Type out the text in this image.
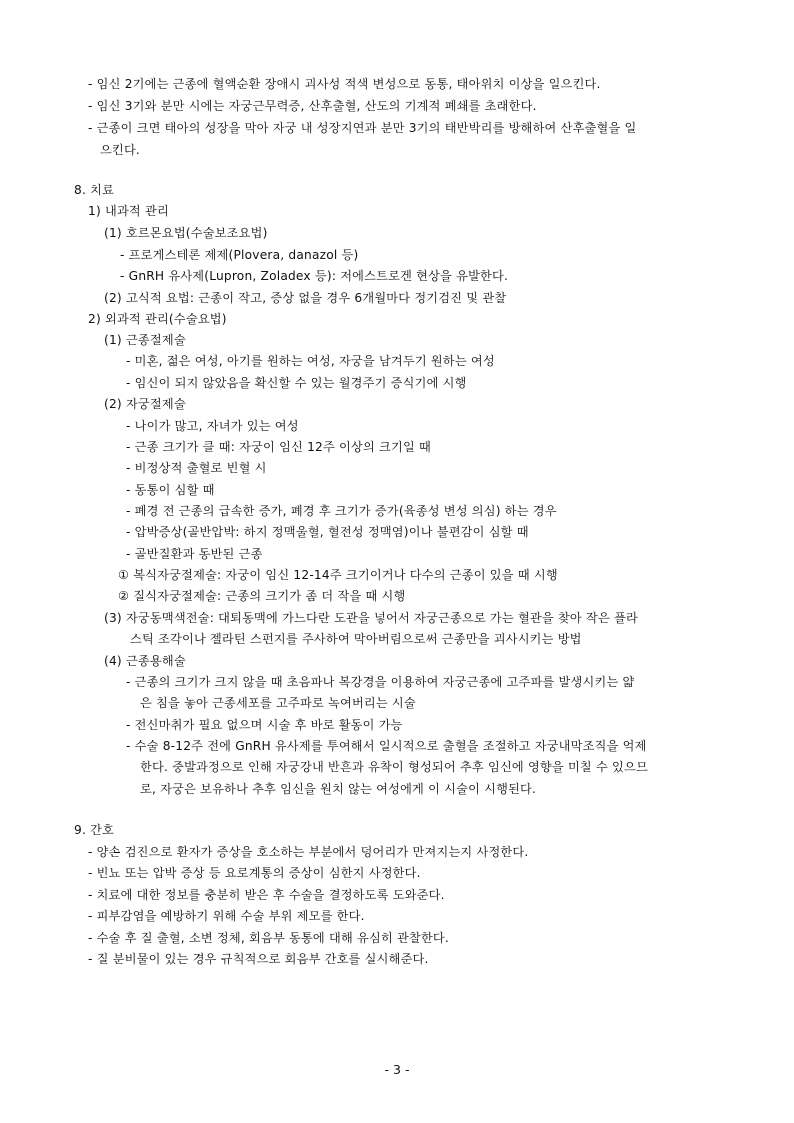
- 임신 2기에는 근종에 혈액순환 장애시 괴사성 적색 변성으로 동통, 태아위치 이상을 일으킨다.
- 임신 3기와 분만 시에는 자궁근무력증, 산후출혈, 산도의 기계적 폐쇄를 초래한다.
- 근종이 크면 태아의 성장을 막아 자궁 내 성장지연과 분만 3기의 태반박리를 방해하여 산후출혈을 일
으킨다.
8. 치료
1) 내과적 관리
(1) 호르몬요법(수술보조요법)
- 프로게스테론 제제(Plovera, danazol 등)
- GnRH 유사제(Lupron, Zoladex 등): 저에스트로겐 현상을 유발한다.
(2) 고식적 요법: 근종이 작고, 증상 없을 경우 6개월마다 정기검진 및 관찰
2) 외과적 관리(수술요법)
(1) 근종절제술
- 미혼, 젊은 여성, 아기를 원하는 여성, 자궁을 남겨두기 원하는 여성
- 임신이 되지 않았음을 확신할 수 있는 월경주기 증식기에 시행
(2) 자궁절제술
- 나이가 많고, 자녀가 있는 여성
- 근종 크기가 클 때: 자궁이 임신 12주 이상의 크기일 때
- 비정상적 출혈로 빈혈 시
- 동통이 심할 때
- 폐경 전 근종의 급속한 증가, 폐경 후 크기가 증가(육종성 변성 의심) 하는 경우
- 압박증상(골반압박: 하지 정맥울혈, 혈전성 정맥염)이나 불편감이 심할 때
- 골반질환과 동반된 근종
① 복식자궁절제술: 자궁이 임신 12-14주 크기이거나 다수의 근종이 있을 때 시행
② 질식자궁절제술: 근종의 크기가 좀 더 작을 때 시행
(3) 자궁동맥색전술: 대퇴동맥에 가느다란 도관을 넣어서 자궁근종으로 가는 혈관을 찾아 작은 플라
스틱 조각이나 젤라틴 스펀지를 주사하여 막아버림으로써 근종만을 괴사시키는 방법
(4) 근종용해술
- 근종의 크기가 크지 않을 때 초음파나 복강경을 이용하여 자궁근종에 고주파를 발생시키는 얇
은 침을 놓아 근종세포를 고주파로 녹여버리는 시술
- 전신마취가 필요 없으며 시술 후 바로 활동이 가능
- 수술 8-12주 전에 GnRH 유사제를 투여해서 일시적으로 출혈을 조절하고 자궁내막조직을 억제
한다. 중발과정으로 인해 자궁강내 반흔과 유착이 형성되어 추후 임신에 영향을 미칠 수 있으므
로, 자궁은 보유하나 추후 임신을 원치 않는 여성에게 이 시술이 시행된다.
9. 간호
- 양손 검진으로 환자가 증상을 호소하는 부분에서 덩어리가 만져지는지 사정한다.
- 빈뇨 또는 압박 증상 등 요로계통의 증상이 심한지 사정한다.
- 치료에 대한 정보를 충분히 받은 후 수술을 결정하도록 도와준다.
- 피부감염을 예방하기 위해 수술 부위 제모를 한다.
- 수술 후 질 출혈, 소변 정체, 회음부 동통에 대해 유심히 관찰한다.
- 질 분비물이 있는 경우 규칙적으로 회음부 간호를 실시해준다.
- 3 -
